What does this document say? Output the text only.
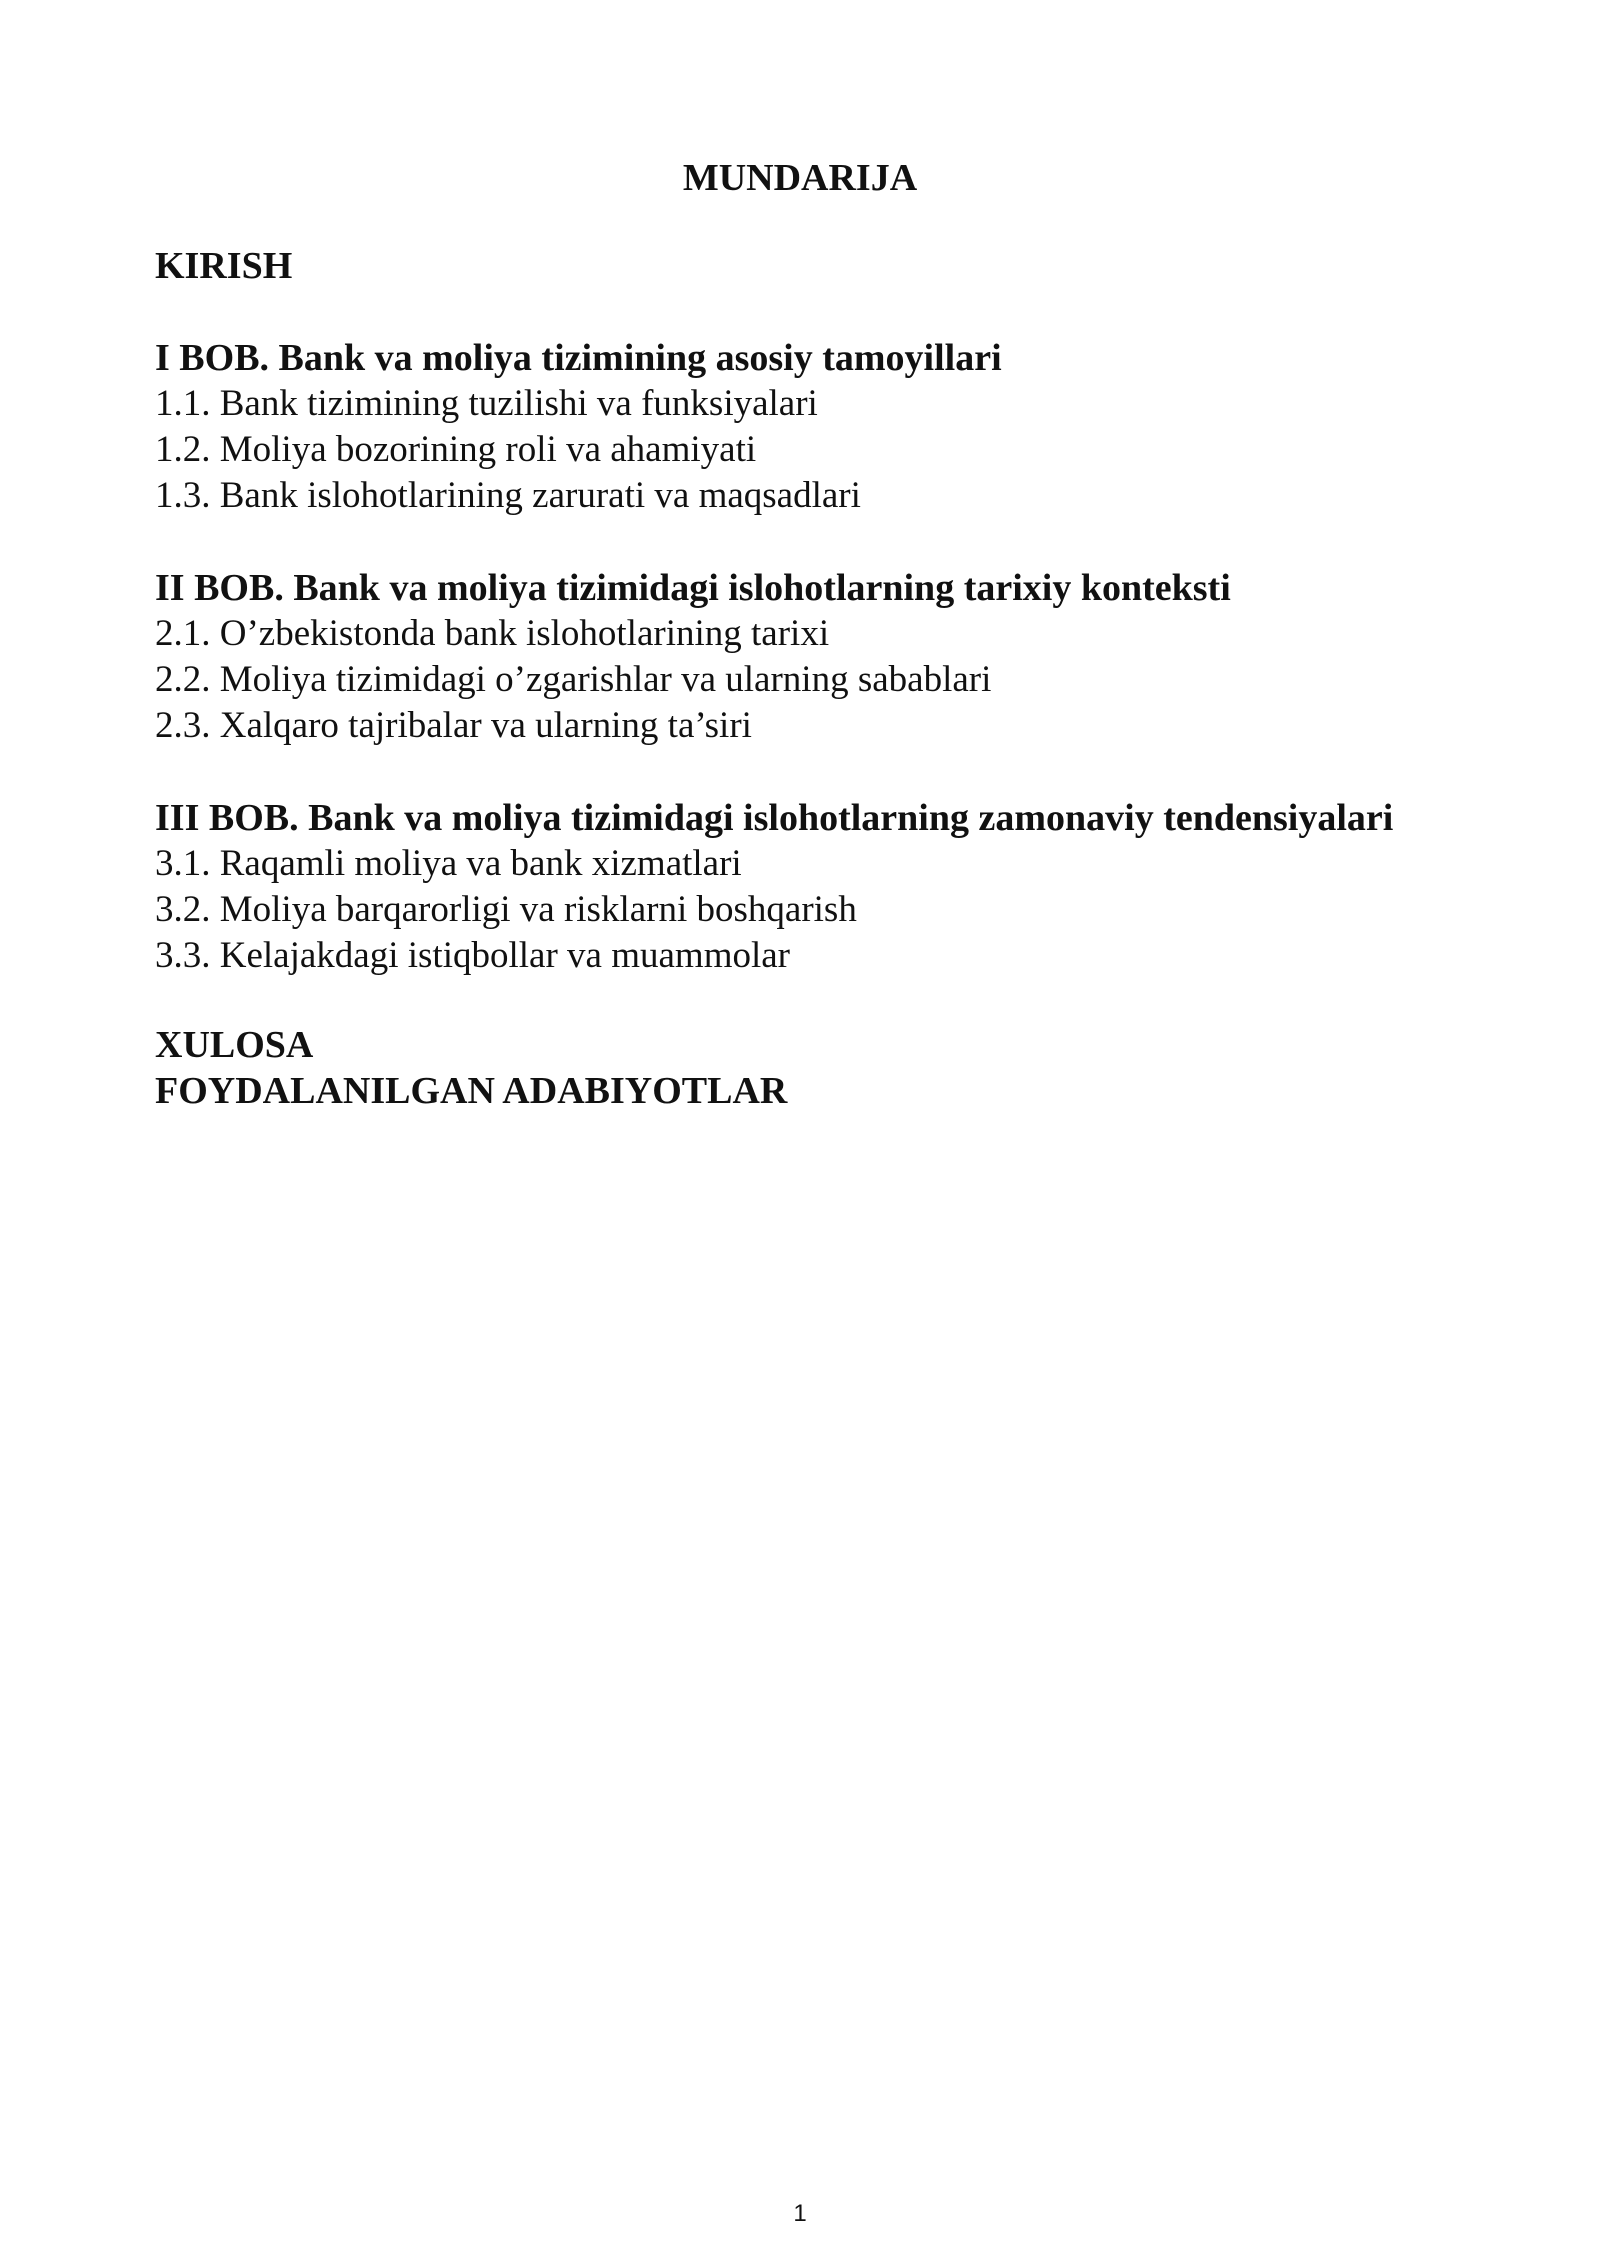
MUNDARIJA
KIRISH
I BOB. Bank va moliya tizimining asosiy tamoyillari
1.1. Bank tizimining tuzilishi va funksiyalari
1.2. Moliya bozorining roli va ahamiyati
1.3. Bank islohotlarining zarurati va maqsadlari
II BOB. Bank va moliya tizimidagi islohotlarning tarixiy konteksti
2.1. O’zbekistonda bank islohotlarining tarixi
2.2. Moliya tizimidagi o’zgarishlar va ularning sabablari
2.3. Xalqaro tajribalar va ularning ta’siri
III BOB. Bank va moliya tizimidagi islohotlarning zamonaviy tendensiyalari
3.1. Raqamli moliya va bank xizmatlari
3.2. Moliya barqarorligi va risklarni boshqarish
3.3. Kelajakdagi istiqbollar va muammolar
XULOSA
FOYDALANILGAN ADABIYOTLAR
1
